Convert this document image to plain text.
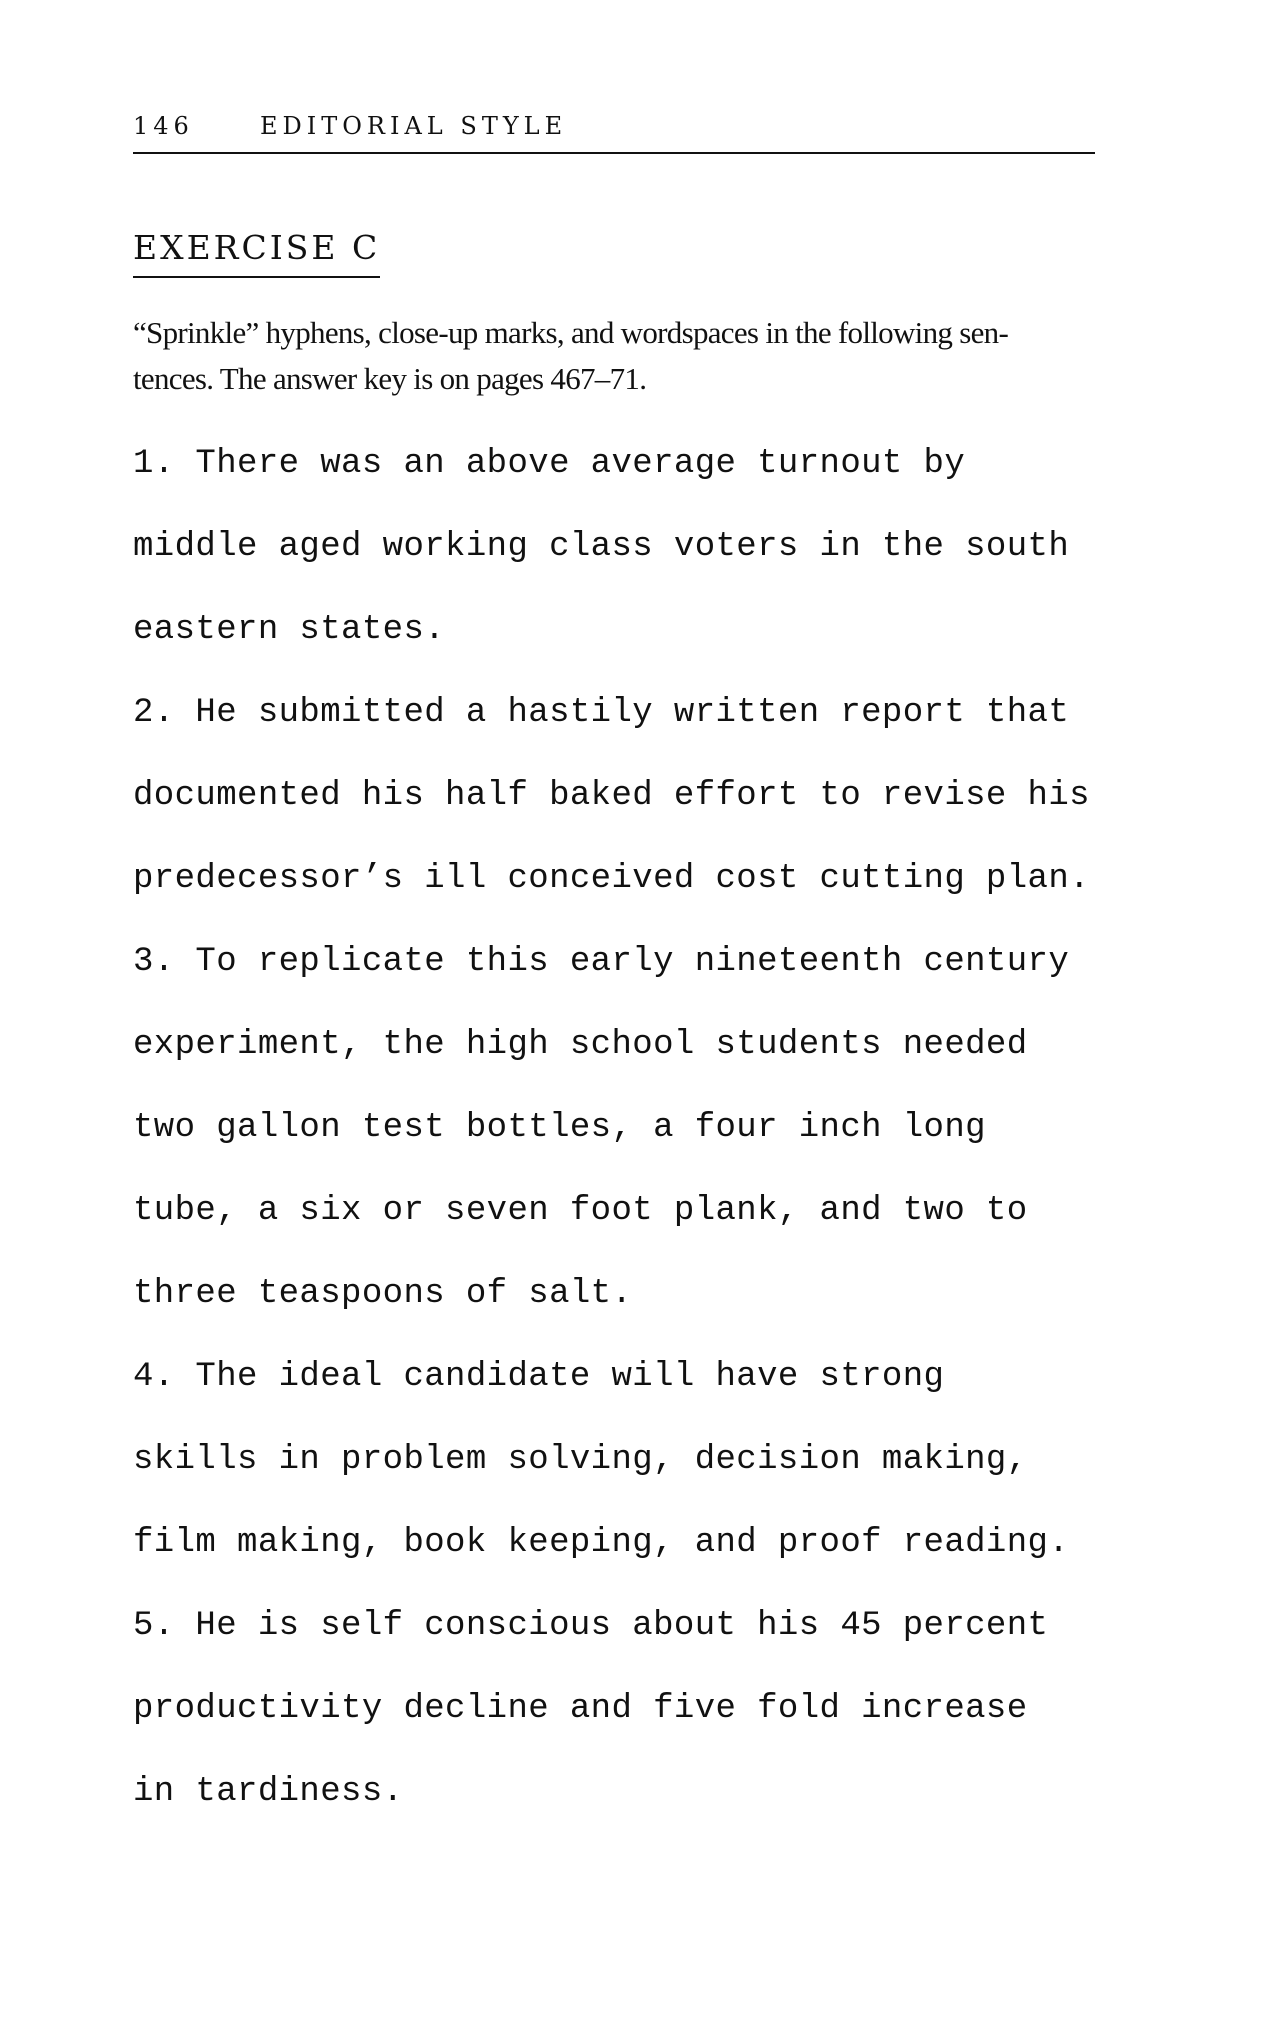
146	EDITORIAL STYLE
EXERCISE C

“Sprinkle” hyphens, close-up marks, and wordspaces in the following sen-

tences. The answer key is on pages 467–71.

1. There was an above average turnout by
middle aged working class voters in the south
eastern states.
2. He submitted a hastily written report that
documented his half baked effort to revise his
predecessor’s ill conceived cost cutting plan.
3. To replicate this early nineteenth century
experiment, the high school students needed
two gallon test bottles, a four inch long
tube, a six or seven foot plank, and two to
three teaspoons of salt.
4. The ideal candidate will have strong
skills in problem solving, decision making,
film making, book keeping, and proof reading.
5. He is self conscious about his 45 percent
productivity decline and five fold increase
in tardiness.
